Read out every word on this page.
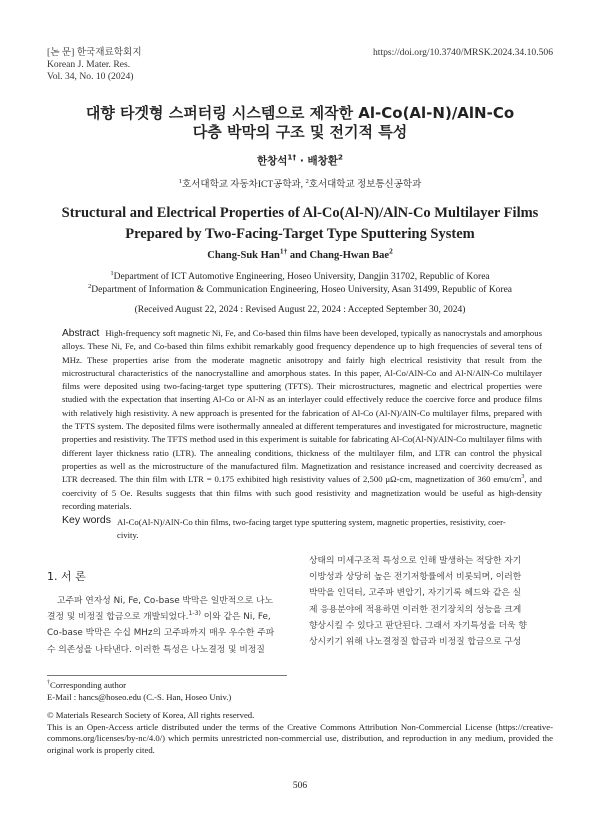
[논 문] 한국재료학회지
Korean J. Mater. Res.
Vol. 34, No. 10 (2024)
https://doi.org/10.3740/MRSK.2024.34.10.506
대향 타겟형 스퍼터링 시스템으로 제작한 Al-Co(Al-N)/AlN-Co
다층 박막의 구조 및 전기적 특성
한창석$^{1\dagger}$ · 배창환$^2$
$^1$호서대학교 자동차ICT공학과, $^2$호서대학교 정보통신공학과
Structural and Electrical Properties of Al-Co(Al-N)/AlN-Co Multilayer Films
Prepared by Two-Facing-Target Type Sputtering System
Chang-Suk Han$^{1\dagger}$ and Chang-Hwan Bae$^2$
$^1$Department of ICT Automotive Engineering, Hoseo University, Dangjin 31702, Republic of Korea
$^2$Department of Information & Communication Engineering, Hoseo University, Asan 31499, Republic of Korea
(Received August 22, 2024 : Revised August 22, 2024 : Accepted September 30, 2024)
Abstract High-frequency soft magnetic Ni, Fe, and Co-based thin films have been developed, typically as nanocrystals and amorphous alloys. These Ni, Fe, and Co-based thin films exhibit remarkably good frequency dependence up to high frequencies of several tens of MHz. These properties arise from the moderate magnetic anisotropy and fairly high electrical resistivity that result from the microstructural characteristics of the nanocrystalline and amorphous states. In this paper, Al-Co/AlN-Co and Al-N/AlN-Co multilayer films were deposited using two-facing-target type sputtering (TFTS). Their microstructures, magnetic and electrical properties were studied with the expectation that inserting Al-Co or Al-N as an interlayer could effectively reduce the coercive force and produce films with relatively high resistivity. A new approach is presented for the fabrication of Al-Co (Al-N)/AlN-Co multilayer films, prepared with the TFTS system. The deposited films were isothermally annealed at different temperatures and investigated for microstructure, magnetic properties and resistivity. The TFTS method used in this experiment is suitable for fabricating Al-Co(Al-N)/AlN-Co multilayer films with different layer thickness ratio (LTR). The annealing conditions, thickness of the multilayer film, and LTR can control the physical properties as well as the microstructure of the manufactured film. Magnetization and resistance increased and coercivity decreased as LTR decreased. The thin film with LTR = 0.175 exhibited high resistivity values of 2,500 μΩ-cm, magnetization of 360 emu/$cm^3$, and coercivity of 5 Oe. Results suggests that thin films with such good resistivity and magnetization would be useful as high-density recording materials.
Key words Al-Co(Al-N)/AlN-Co thin films, two-facing target type sputtering system, magnetic properties, resistivity, coer-
civity.
1. 서 론
고주파 연자성 Ni, Fe, Co-base 박막은 일반적으로 나노
결정 및 비정질 합금으로 개발되었다.$^{1-3)}$ 이와 같은 Ni, Fe,
Co-base 박막은 수십 MHz의 고주파까지 매우 우수한 주파
수 의존성을 나타낸다. 이러한 특성은 나노결정 및 비정질
상태의 미세구조적 특성으로 인해 발생하는 적당한 자기
이방성과 상당히 높은 전기저항률에서 비롯되며, 이러한
박막을 인덕터, 고주파 변압기, 자기기록 헤드와 같은 실
제 응용분야에 적용하면 이러한 전기장치의 성능을 크게
향상시킬 수 있다고 판단된다. 그래서 자기특성을 더욱 향
상시키기 위해 나노결정질 합금과 비정질 합금으로 구성
†Corresponding author
E-Mail : hancs@hoseo.edu (C.-S. Han, Hoseo Univ.)
© Materials Research Society of Korea, All rights reserved.
This is an Open-Access article distributed under the terms of the Creative Commons Attribution Non-Commercial License (https://creative-commons.org/licenses/by-nc/4.0/) which permits unrestricted non-commercial use, distribution, and reproduction in any medium, provided the original work is properly cited.
506
